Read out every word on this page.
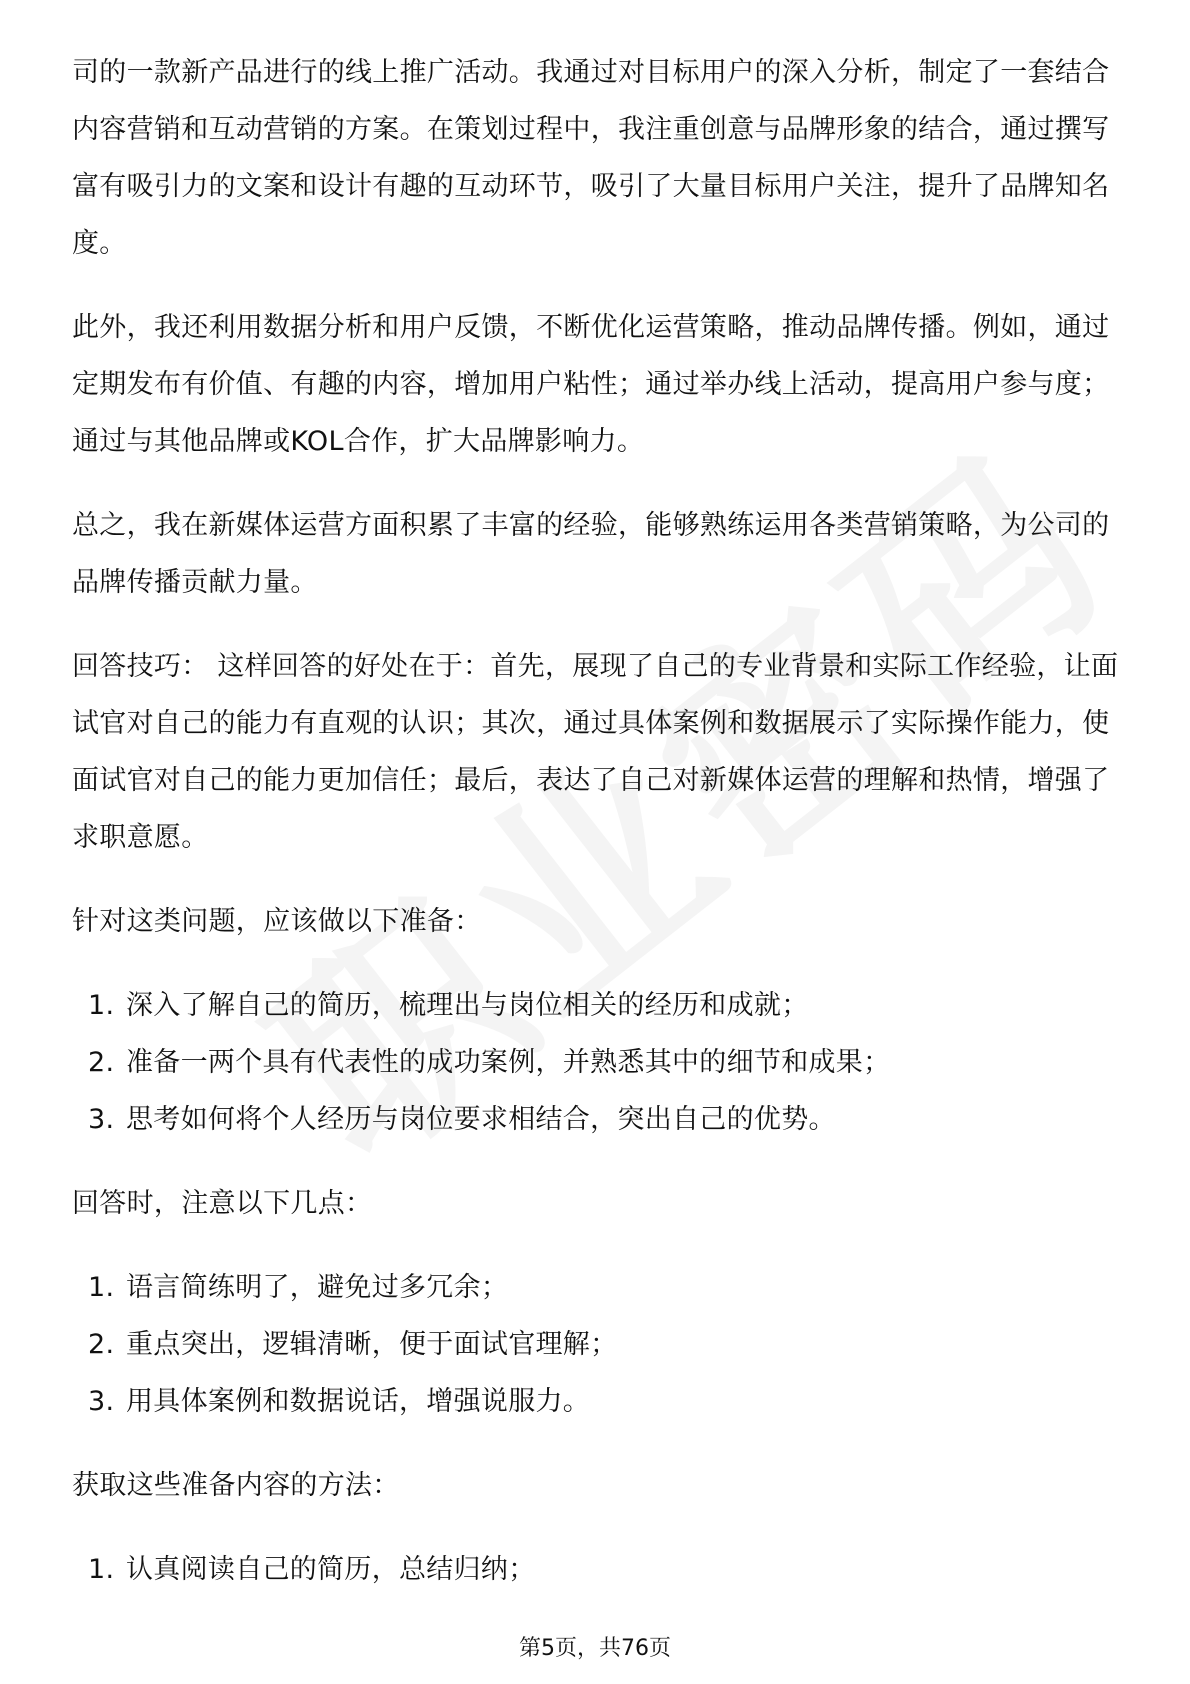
司的一款新产品进行的线上推广活动。我通过对目标用户的深入分析，制定了一套结合内容营销和互动营销的方案。在策划过程中，我注重创意与品牌形象的结合，通过撰写富有吸引力的文案和设计有趣的互动环节，吸引了大量目标用户关注，提升了品牌知名度。

此外，我还利用数据分析和用户反馈，不断优化运营策略，推动品牌传播。例如，通过定期发布有价值、有趣的内容，增加用户粘性；通过举办线上活动，提高用户参与度；通过与其他品牌或KOL合作，扩大品牌影响力。

总之，我在新媒体运营方面积累了丰富的经验，能够熟练运用各类营销策略，为公司的品牌传播贡献力量。

回答技巧： 这样回答的好处在于：首先，展现了自己的专业背景和实际工作经验，让面试官对自己的能力有直观的认识；其次，通过具体案例和数据展示了实际操作能力，使面试官对自己的能力更加信任；最后，表达了自己对新媒体运营的理解和热情，增强了求职意愿。

针对这类问题，应该做以下准备：

1. 深入了解自己的简历，梳理出与岗位相关的经历和成就；
2. 准备一两个具有代表性的成功案例，并熟悉其中的细节和成果；
3. 思考如何将个人经历与岗位要求相结合，突出自己的优势。

回答时，注意以下几点：

1. 语言简练明了，避免过多冗余；
2. 重点突出，逻辑清晰，便于面试官理解；
3. 用具体案例和数据说话，增强说服力。

获取这些准备内容的方法：

1. 认真阅读自己的简历，总结归纳；
第5页，共76页
